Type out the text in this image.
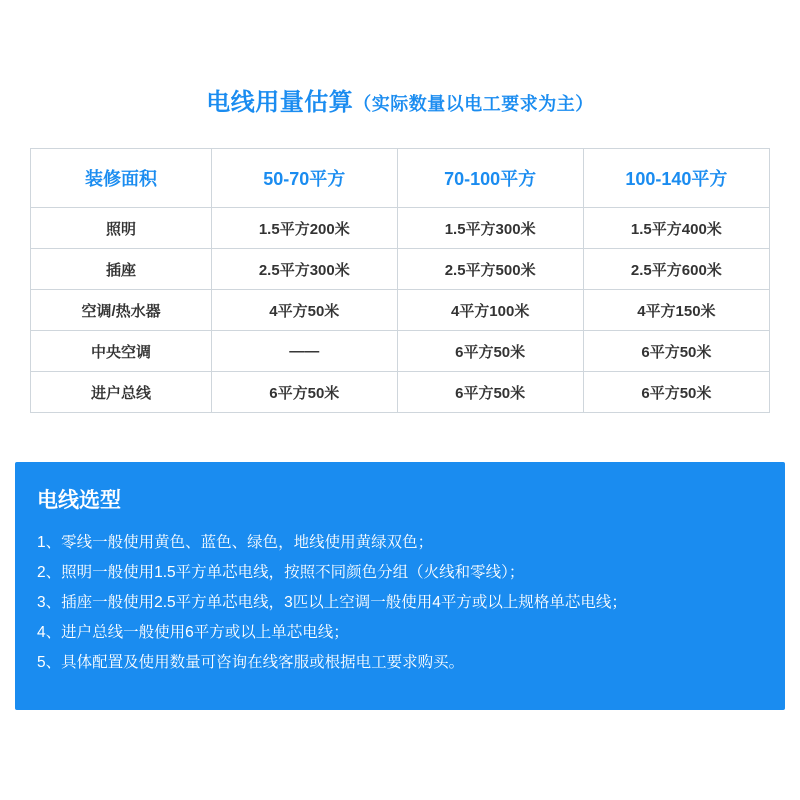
电线用量估算（实际数量以电工要求为主）
装修面积	50-70平方	70-100平方	100-140平方
照明	1.5平方200米	1.5平方300米	1.5平方400米
插座	2.5平方300米	2.5平方500米	2.5平方600米
空调/热水器	4平方50米	4平方100米	4平方150米
中央空调	——	6平方50米	6平方50米
进户总线	6平方50米	6平方50米	6平方50米
电线选型
1、零线一般使用黄色、蓝色、绿色，地线使用黄绿双色；
2、照明一般使用1.5平方单芯电线，按照不同颜色分组（火线和零线）；
3、插座一般使用2.5平方单芯电线，3匹以上空调一般使用4平方或以上规格单芯电线；
4、进户总线一般使用6平方或以上单芯电线；
5、具体配置及使用数量可咨询在线客服或根据电工要求购买。
